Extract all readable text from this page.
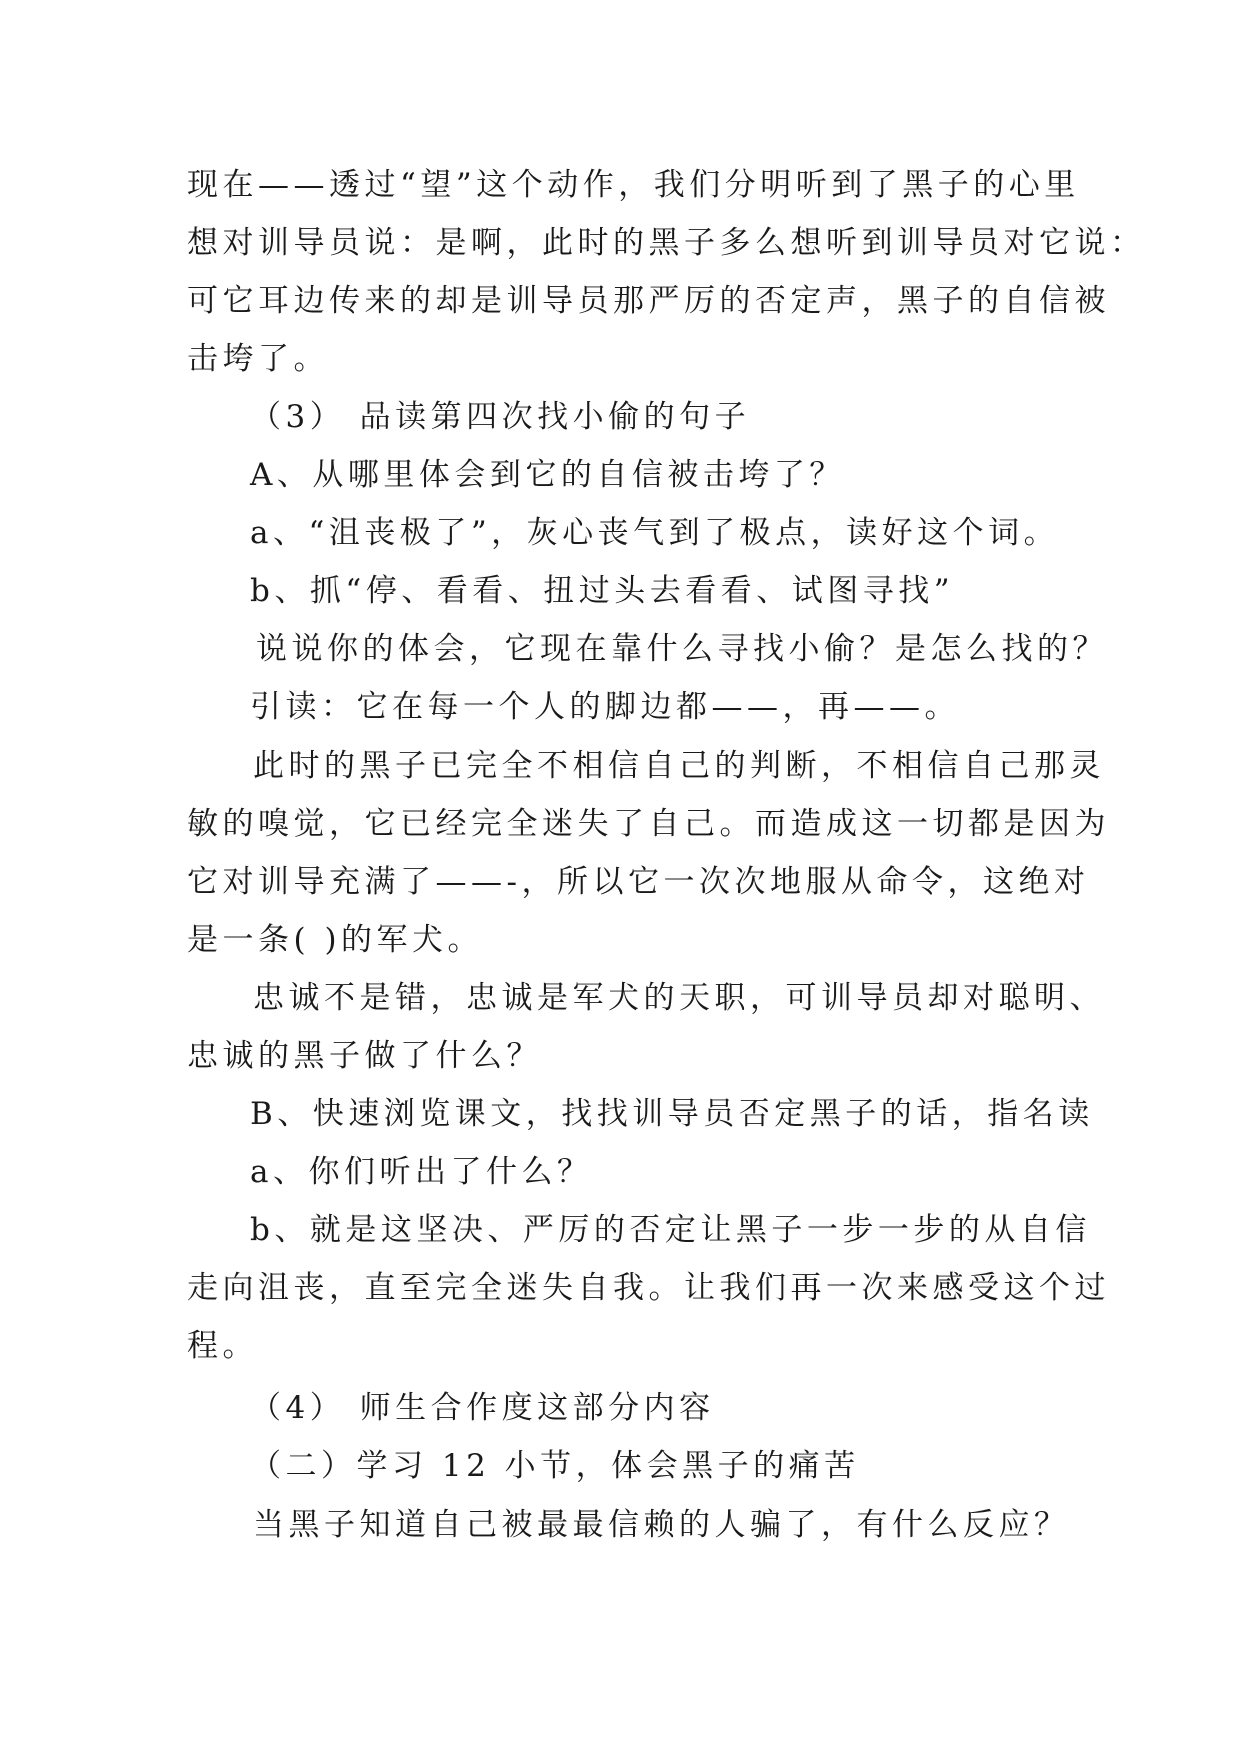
现在——透过“望”这个动作，我们分明听到了黑子的心里
想对训导员说：是啊，此时的黑子多么想听到训导员对它说：
可它耳边传来的却是训导员那严厉的否定声，黑子的自信被
击垮了。
（3） 品读第四次找小偷的句子
A、从哪里体会到它的自信被击垮了？
a、“沮丧极了”，灰心丧气到了极点，读好这个词。
b、抓“停、看看、扭过头去看看、试图寻找”
说说你的体会，它现在靠什么寻找小偷？是怎么找的？
引读：它在每一个人的脚边都——，再——。
此时的黑子已完全不相信自己的判断，不相信自己那灵
敏的嗅觉，它已经完全迷失了自己。而造成这一切都是因为
它对训导充满了——-，所以它一次次地服从命令，这绝对
是一条( )的军犬。
忠诚不是错，忠诚是军犬的天职，可训导员却对聪明、
忠诚的黑子做了什么？
B、快速浏览课文，找找训导员否定黑子的话，指名读
a、你们听出了什么？
b、就是这坚决、严厉的否定让黑子一步一步的从自信
走向沮丧，直至完全迷失自我。让我们再一次来感受这个过
程。
（4） 师生合作度这部分内容
（二）学习 12 小节，体会黑子的痛苦
当黑子知道自己被最最信赖的人骗了，有什么反应？
